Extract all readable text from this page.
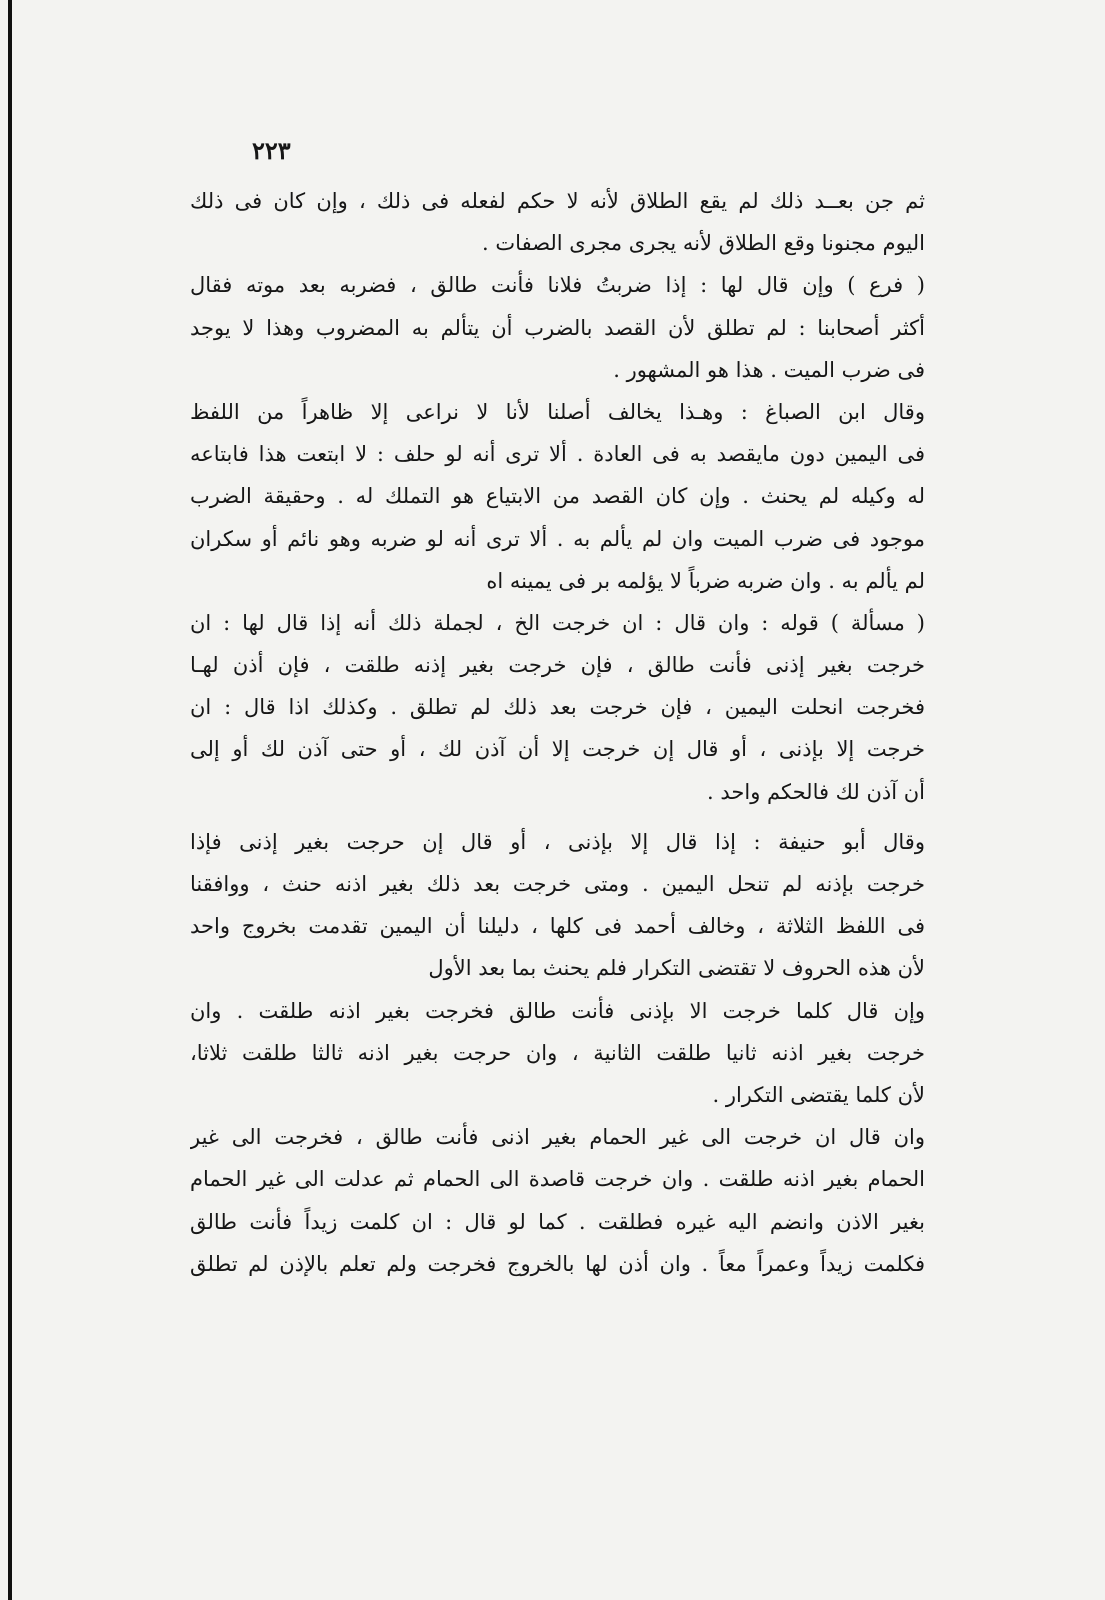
٢٢٣
ثم جن بعــد ذلك لم يقع الطلاق لأنه لا حكم لفعله فى ذلك ، وإن كان فى ذلك
اليوم مجنونا وقع الطلاق لأنه يجرى مجرى الصفات .
( فرع ) وإن قال لها : إذا ضربتُ فلانا فأنت طالق ، فضربه بعد موته فقال
أكثر أصحابنا : لم تطلق لأن القصد بالضرب أن يتألم به المضروب وهذا لا يوجد
فى ضرب الميت . هذا هو المشهور .
وقال ابن الصباغ : وهـذا يخالف أصلنا لأنا لا نراعى إلا ظاهراً من اللفظ
فى اليمين دون مايقصد به فى العادة . ألا ترى أنه لو حلف : لا ابتعت هذا فابتاعه
له وكيله لم يحنث . وإن كان القصد من الابتياع هو التملك له . وحقيقة الضرب
موجود فى ضرب الميت وان لم يألم به . ألا ترى أنه لو ضربه وهو نائم أو سكران
لم يألم به . وان ضربه ضرباً لا يؤلمه بر فى يمينه اه
( مسألة ) قوله : وان قال : ان خرجت الخ ، لجملة ذلك أنه إذا قال لها : ان
خرجت بغير إذنى فأنت طالق ، فإن خرجت بغير إذنه طلقت ، فإن أذن لهـا
فخرجت انحلت اليمين ، فإن خرجت بعد ذلك لم تطلق . وكذلك اذا قال : ان
خرجت إلا بإذنى ، أو قال إن خرجت إلا أن آذن لك ، أو حتى آذن لك أو إلى
أن آذن لك فالحكم واحد .
وقال أبو حنيفة : إذا قال إلا بإذنى ، أو قال إن حرجت بغير إذنى فإذا
خرجت بإذنه لم تنحل اليمين . ومتى خرجت بعد ذلك بغير اذنه حنث ، ووافقنا
فى اللفظ الثلاثة ، وخالف أحمد فى كلها ، دليلنا أن اليمين تقدمت بخروج واحد
لأن هذه الحروف لا تقتضى التكرار فلم يحنث بما بعد الأول
وإن قال كلما خرجت الا بإذنى فأنت طالق فخرجت بغير اذنه طلقت . وان
خرجت بغير اذنه ثانيا طلقت الثانية ، وان حرجت بغير اذنه ثالثا طلقت ثلاثا،
لأن كلما يقتضى التكرار .
وان قال ان خرجت الى غير الحمام بغير اذنى فأنت طالق ، فخرجت الى غير
الحمام بغير اذنه طلقت . وان خرجت قاصدة الى الحمام ثم عدلت الى غير الحمام
بغير الاذن وانضم اليه غيره فطلقت . كما لو قال : ان كلمت زيداً فأنت طالق
فكلمت زيداً وعمراً معاً . وان أذن لها بالخروج فخرجت ولم تعلم بالإذن لم تطلق
